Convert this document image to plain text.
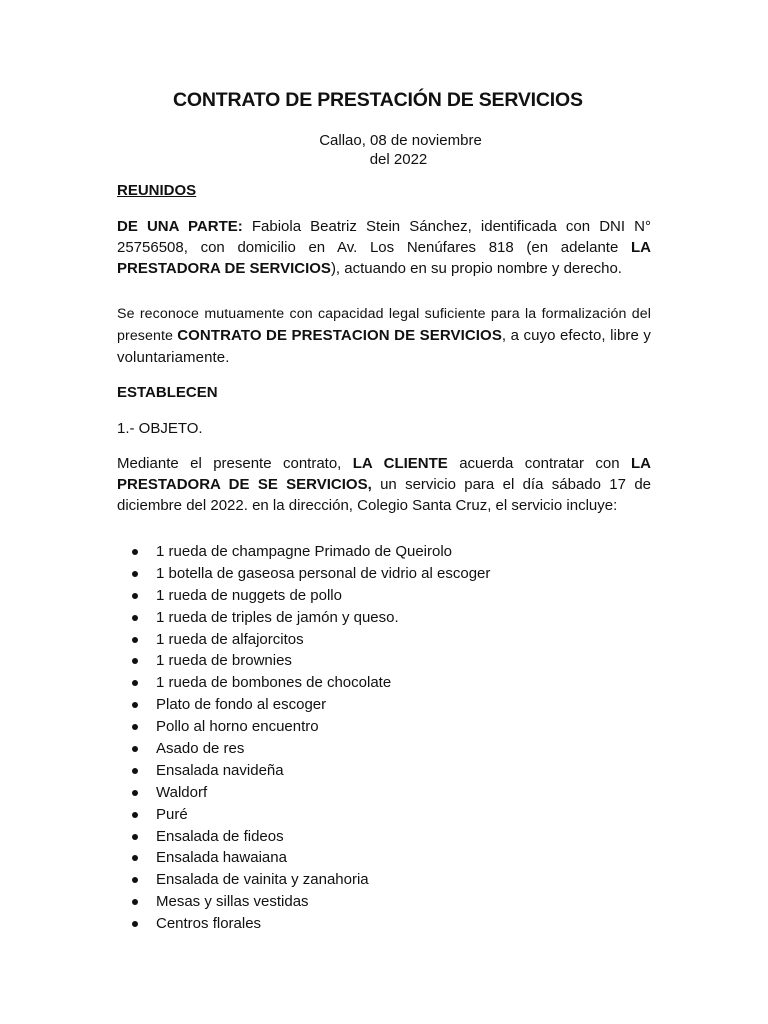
CONTRATO DE PRESTACIÓN DE SERVICIOS
Callao, 08 de noviembre
del 2022
REUNIDOS
DE UNA PARTE: Fabiola Beatriz Stein Sánchez, identificada con DNI N° 25756508, con domicilio en Av. Los Nenúfares 818 (en adelante LA PRESTADORA DE SERVICIOS), actuando en su propio nombre y derecho.
Se reconoce mutuamente con capacidad legal suficiente para la formalización del presente CONTRATO DE PRESTACION DE SERVICIOS, a cuyo efecto, libre y voluntariamente.
ESTABLECEN
1.- OBJETO.
Mediante el presente contrato, LA CLIENTE acuerda contratar con LA PRESTADORA DE SE SERVICIOS, un servicio para el día sábado 17 de diciembre del 2022. en la dirección, Colegio Santa Cruz, el servicio incluye:
1 rueda de champagne Primado de Queirolo
1 botella de gaseosa personal de vidrio al escoger
1 rueda de nuggets de pollo
1 rueda de triples de jamón y queso.
1 rueda de alfajorcitos
1 rueda de brownies
1 rueda de bombones de chocolate
Plato de fondo al escoger
Pollo al horno encuentro
Asado de res
Ensalada navideña
Waldorf
Puré
Ensalada de fideos
Ensalada hawaiana
Ensalada de vainita y zanahoria
Mesas y sillas vestidas
Centros florales
